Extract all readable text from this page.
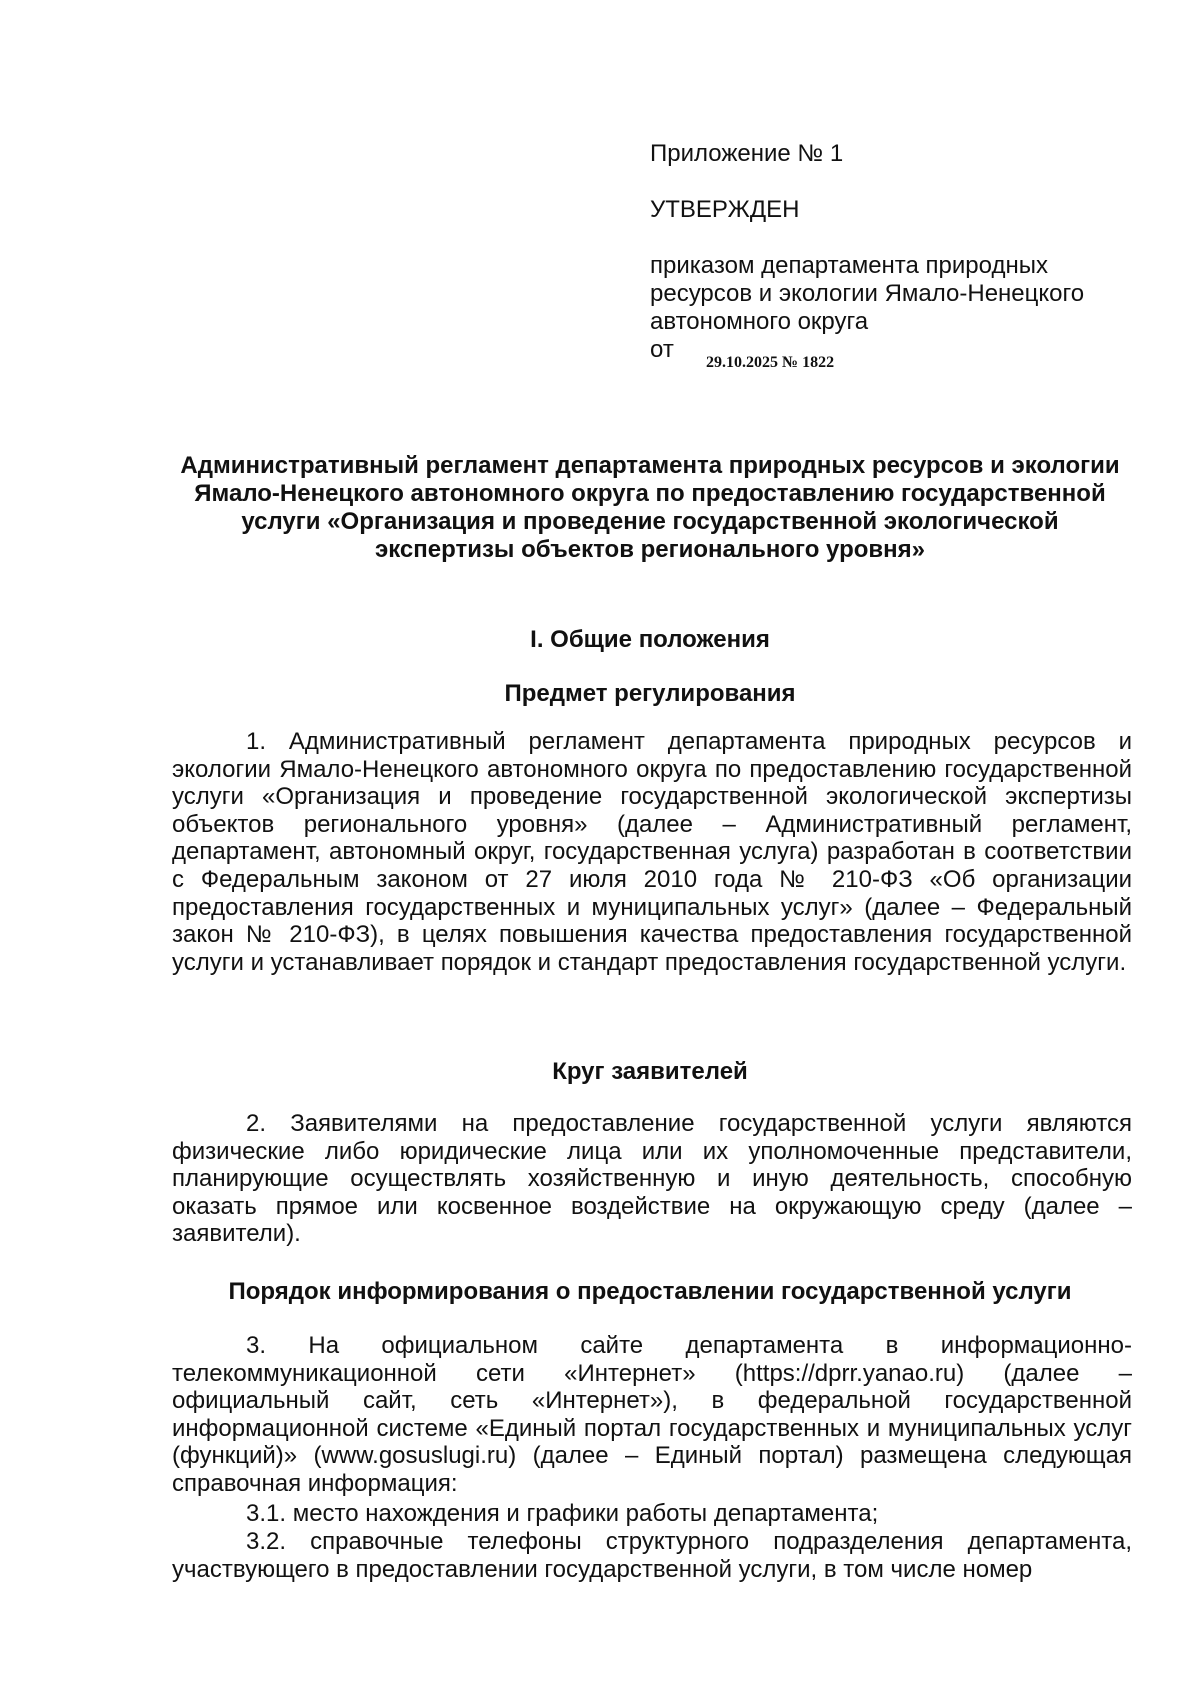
Приложение № 1
УТВЕРЖДЕН
приказом департамента природных
ресурсов и экологии Ямало-Ненецкого
автономного округа
от 29.10.2025 № 1822
Административный регламент департамента природных ресурсов и экологии Ямало-Ненецкого автономного округа по предоставлению государственной услуги «Организация и проведение государственной экологической экспертизы объектов регионального уровня»
I. Общие положения
Предмет регулирования
1. Административный регламент департамента природных ресурсов и экологии Ямало-Ненецкого автономного округа по предоставлению государственной услуги «Организация и проведение государственной экологической экспертизы объектов регионального уровня» (далее – Административный регламент, департамент, автономный округ, государственная услуга) разработан в соответствии с Федеральным законом от 27 июля 2010 года № 210-ФЗ «Об организации предоставления государственных и муниципальных услуг» (далее – Федеральный закон № 210-ФЗ), в целях повышения качества предоставления государственной услуги и устанавливает порядок и стандарт предоставления государственной услуги.
Круг заявителей
2. Заявителями на предоставление государственной услуги являются физические либо юридические лица или их уполномоченные представители, планирующие осуществлять хозяйственную и иную деятельность, способную оказать прямое или косвенное воздействие на окружающую среду (далее – заявители).
Порядок информирования о предоставлении государственной услуги
3. На официальном сайте департамента в информационно-телекоммуникационной сети «Интернет» (https://dprr.yanao.ru) (далее – официальный сайт, сеть «Интернет»), в федеральной государственной информационной системе «Единый портал государственных и муниципальных услуг (функций)» (www.gosuslugi.ru) (далее – Единый портал) размещена следующая справочная информация:
3.1. место нахождения и графики работы департамента;
3.2. справочные телефоны структурного подразделения департамента, участвующего в предоставлении государственной услуги, в том числе номер
